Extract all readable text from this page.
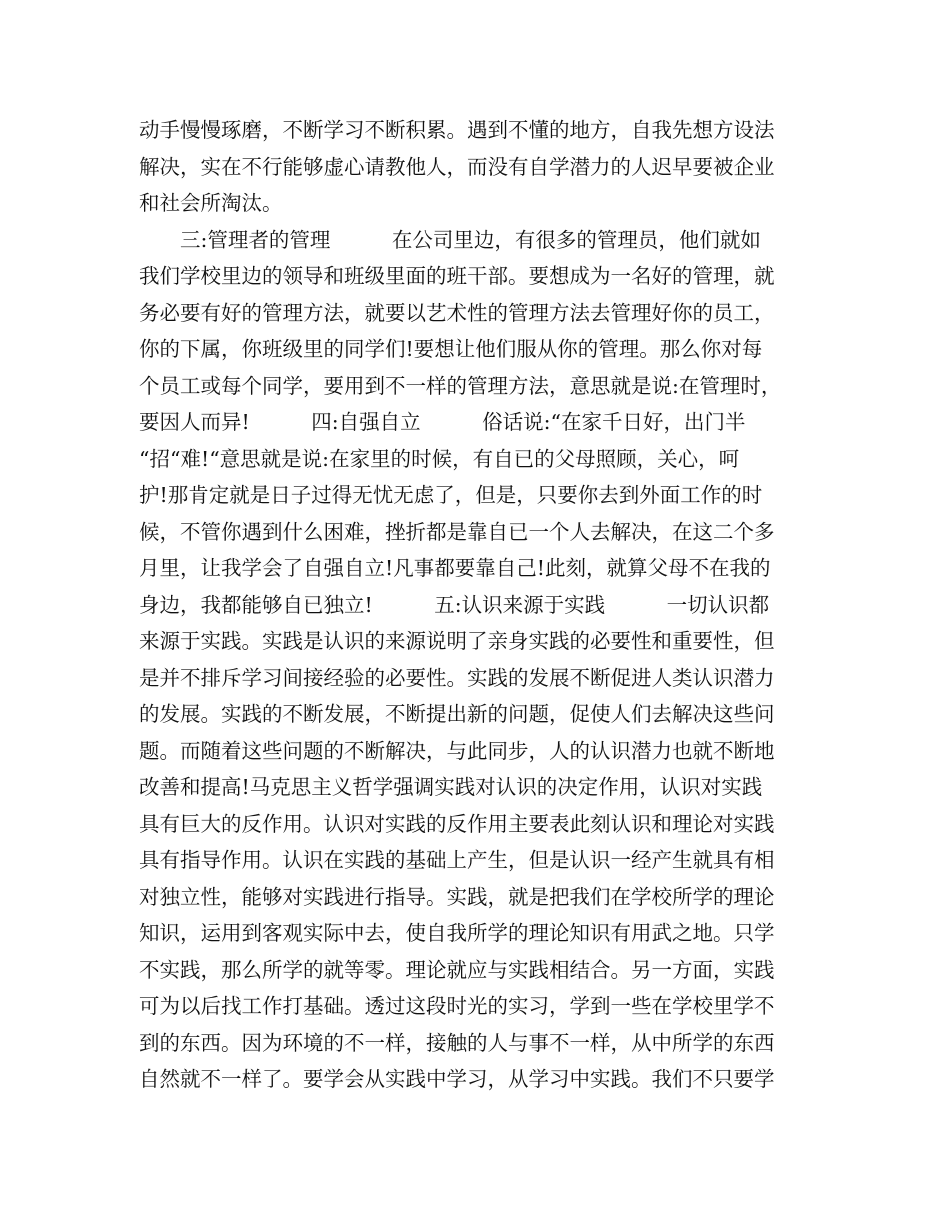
动手慢慢琢磨，不断学习不断积累。遇到不懂的地方，自我先想方设法
解决，实在不行能够虚心请教他人，而没有自学潜力的人迟早要被企业
和社会所淘汰。
　　三:管理者的管理　　　在公司里边，有很多的管理员，他们就如
我们学校里边的领导和班级里面的班干部。要想成为一名好的管理，就
务必要有好的管理方法，就要以艺术性的管理方法去管理好你的员工，
你的下属，你班级里的同学们!要想让他们服从你的管理。那么你对每
个员工或每个同学，要用到不一样的管理方法，意思就是说:在管理时，
要因人而异!　　　四:自强自立　　　俗话说:“在家千日好，出门半
“招“难!“意思就是说:在家里的时候，有自已的父母照顾，关心，呵
护!那肯定就是日子过得无忧无虑了，但是，只要你去到外面工作的时
候，不管你遇到什么困难，挫折都是靠自已一个人去解决，在这二个多
月里，让我学会了自强自立!凡事都要靠自己!此刻，就算父母不在我的
身边，我都能够自已独立!　　　五:认识来源于实践　　　一切认识都
来源于实践。实践是认识的来源说明了亲身实践的必要性和重要性，但
是并不排斥学习间接经验的必要性。实践的发展不断促进人类认识潜力
的发展。实践的不断发展，不断提出新的问题，促使人们去解决这些问
题。而随着这些问题的不断解决，与此同步，人的认识潜力也就不断地
改善和提高!马克思主义哲学强调实践对认识的决定作用，认识对实践
具有巨大的反作用。认识对实践的反作用主要表此刻认识和理论对实践
具有指导作用。认识在实践的基础上产生，但是认识一经产生就具有相
对独立性，能够对实践进行指导。实践，就是把我们在学校所学的理论
知识，运用到客观实际中去，使自我所学的理论知识有用武之地。只学
不实践，那么所学的就等零。理论就应与实践相结合。另一方面，实践
可为以后找工作打基础。透过这段时光的实习，学到一些在学校里学不
到的东西。因为环境的不一样，接触的人与事不一样，从中所学的东西
自然就不一样了。要学会从实践中学习，从学习中实践。我们不只要学
